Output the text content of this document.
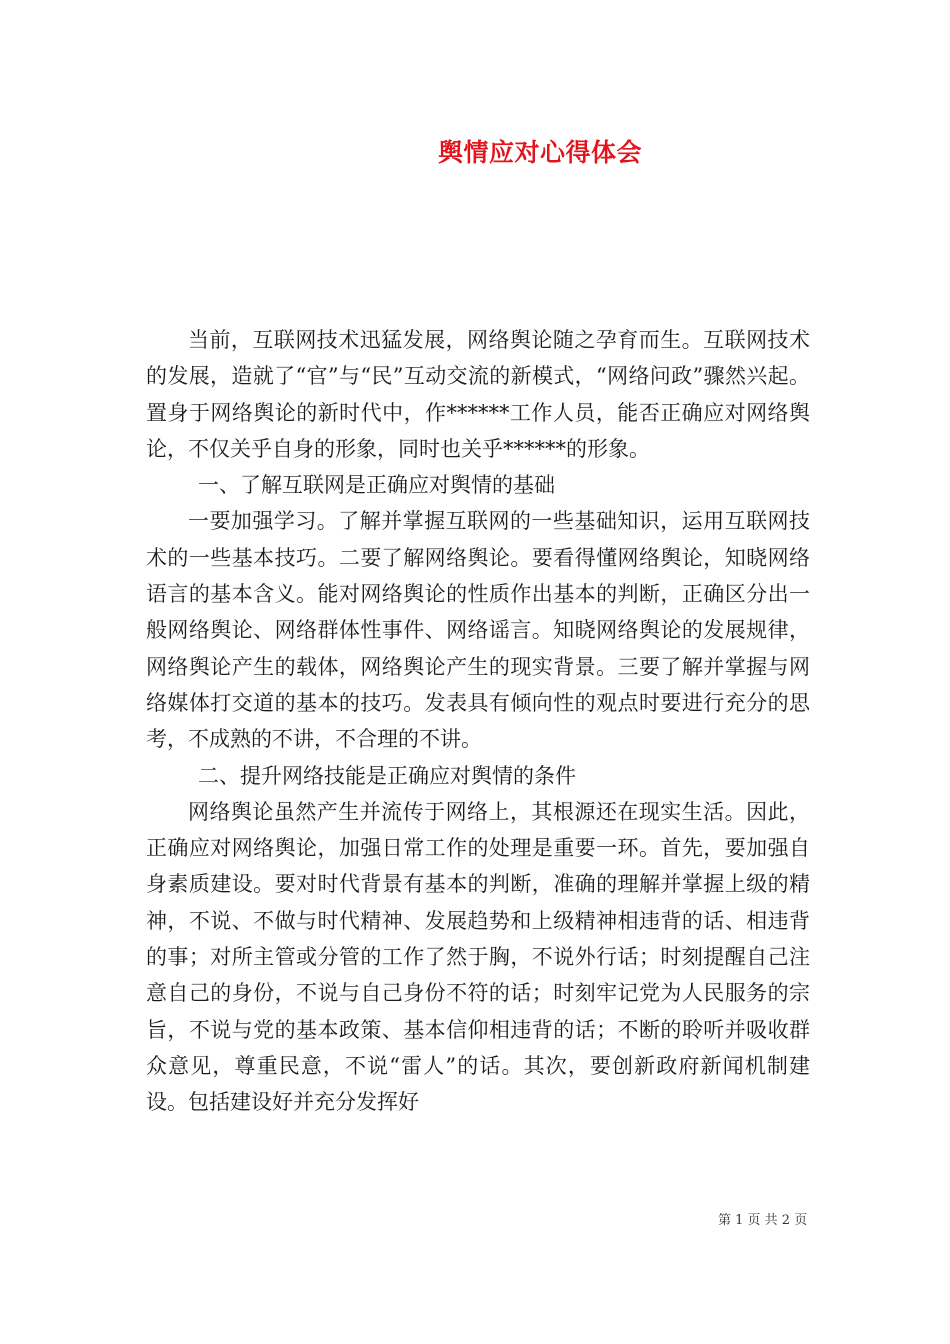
舆情应对心得体会

当前，互联网技术迅猛发展，网络舆论随之孕育而生。互联网技术的发展，造就了“官”与“民”互动交流的新模式，“网络问政”骤然兴起。置身于网络舆论的新时代中，作******工作人员，能否正确应对网络舆论，不仅关乎自身的形象，同时也关乎******的形象。

一、了解互联网是正确应对舆情的基础

一要加强学习。了解并掌握互联网的一些基础知识，运用互联网技术的一些基本技巧。二要了解网络舆论。要看得懂网络舆论，知晓网络语言的基本含义。能对网络舆论的性质作出基本的判断，正确区分出一般网络舆论、网络群体性事件、网络谣言。知晓网络舆论的发展规律，网络舆论产生的载体，网络舆论产生的现实背景。三要了解并掌握与网络媒体打交道的基本的技巧。发表具有倾向性的观点时要进行充分的思考，不成熟的不讲，不合理的不讲。

二、提升网络技能是正确应对舆情的条件

网络舆论虽然产生并流传于网络上，其根源还在现实生活。因此，正确应对网络舆论，加强日常工作的处理是重要一环。首先，要加强自身素质建设。要对时代背景有基本的判断，准确的理解并掌握上级的精神，不说、不做与时代精神、发展趋势和上级精神相违背的话、相违背的事；对所主管或分管的工作了然于胸，不说外行话；时刻提醒自己注意自己的身份，不说与自己身份不符的话；时刻牢记党为人民服务的宗旨，不说与党的基本政策、基本信仰相违背的话；不断的聆听并吸收群众意见，尊重民意，不说“雷人”的话。其次，要创新政府新闻机制建设。包括建设好并充分发挥好

第 1 页 共 2 页
